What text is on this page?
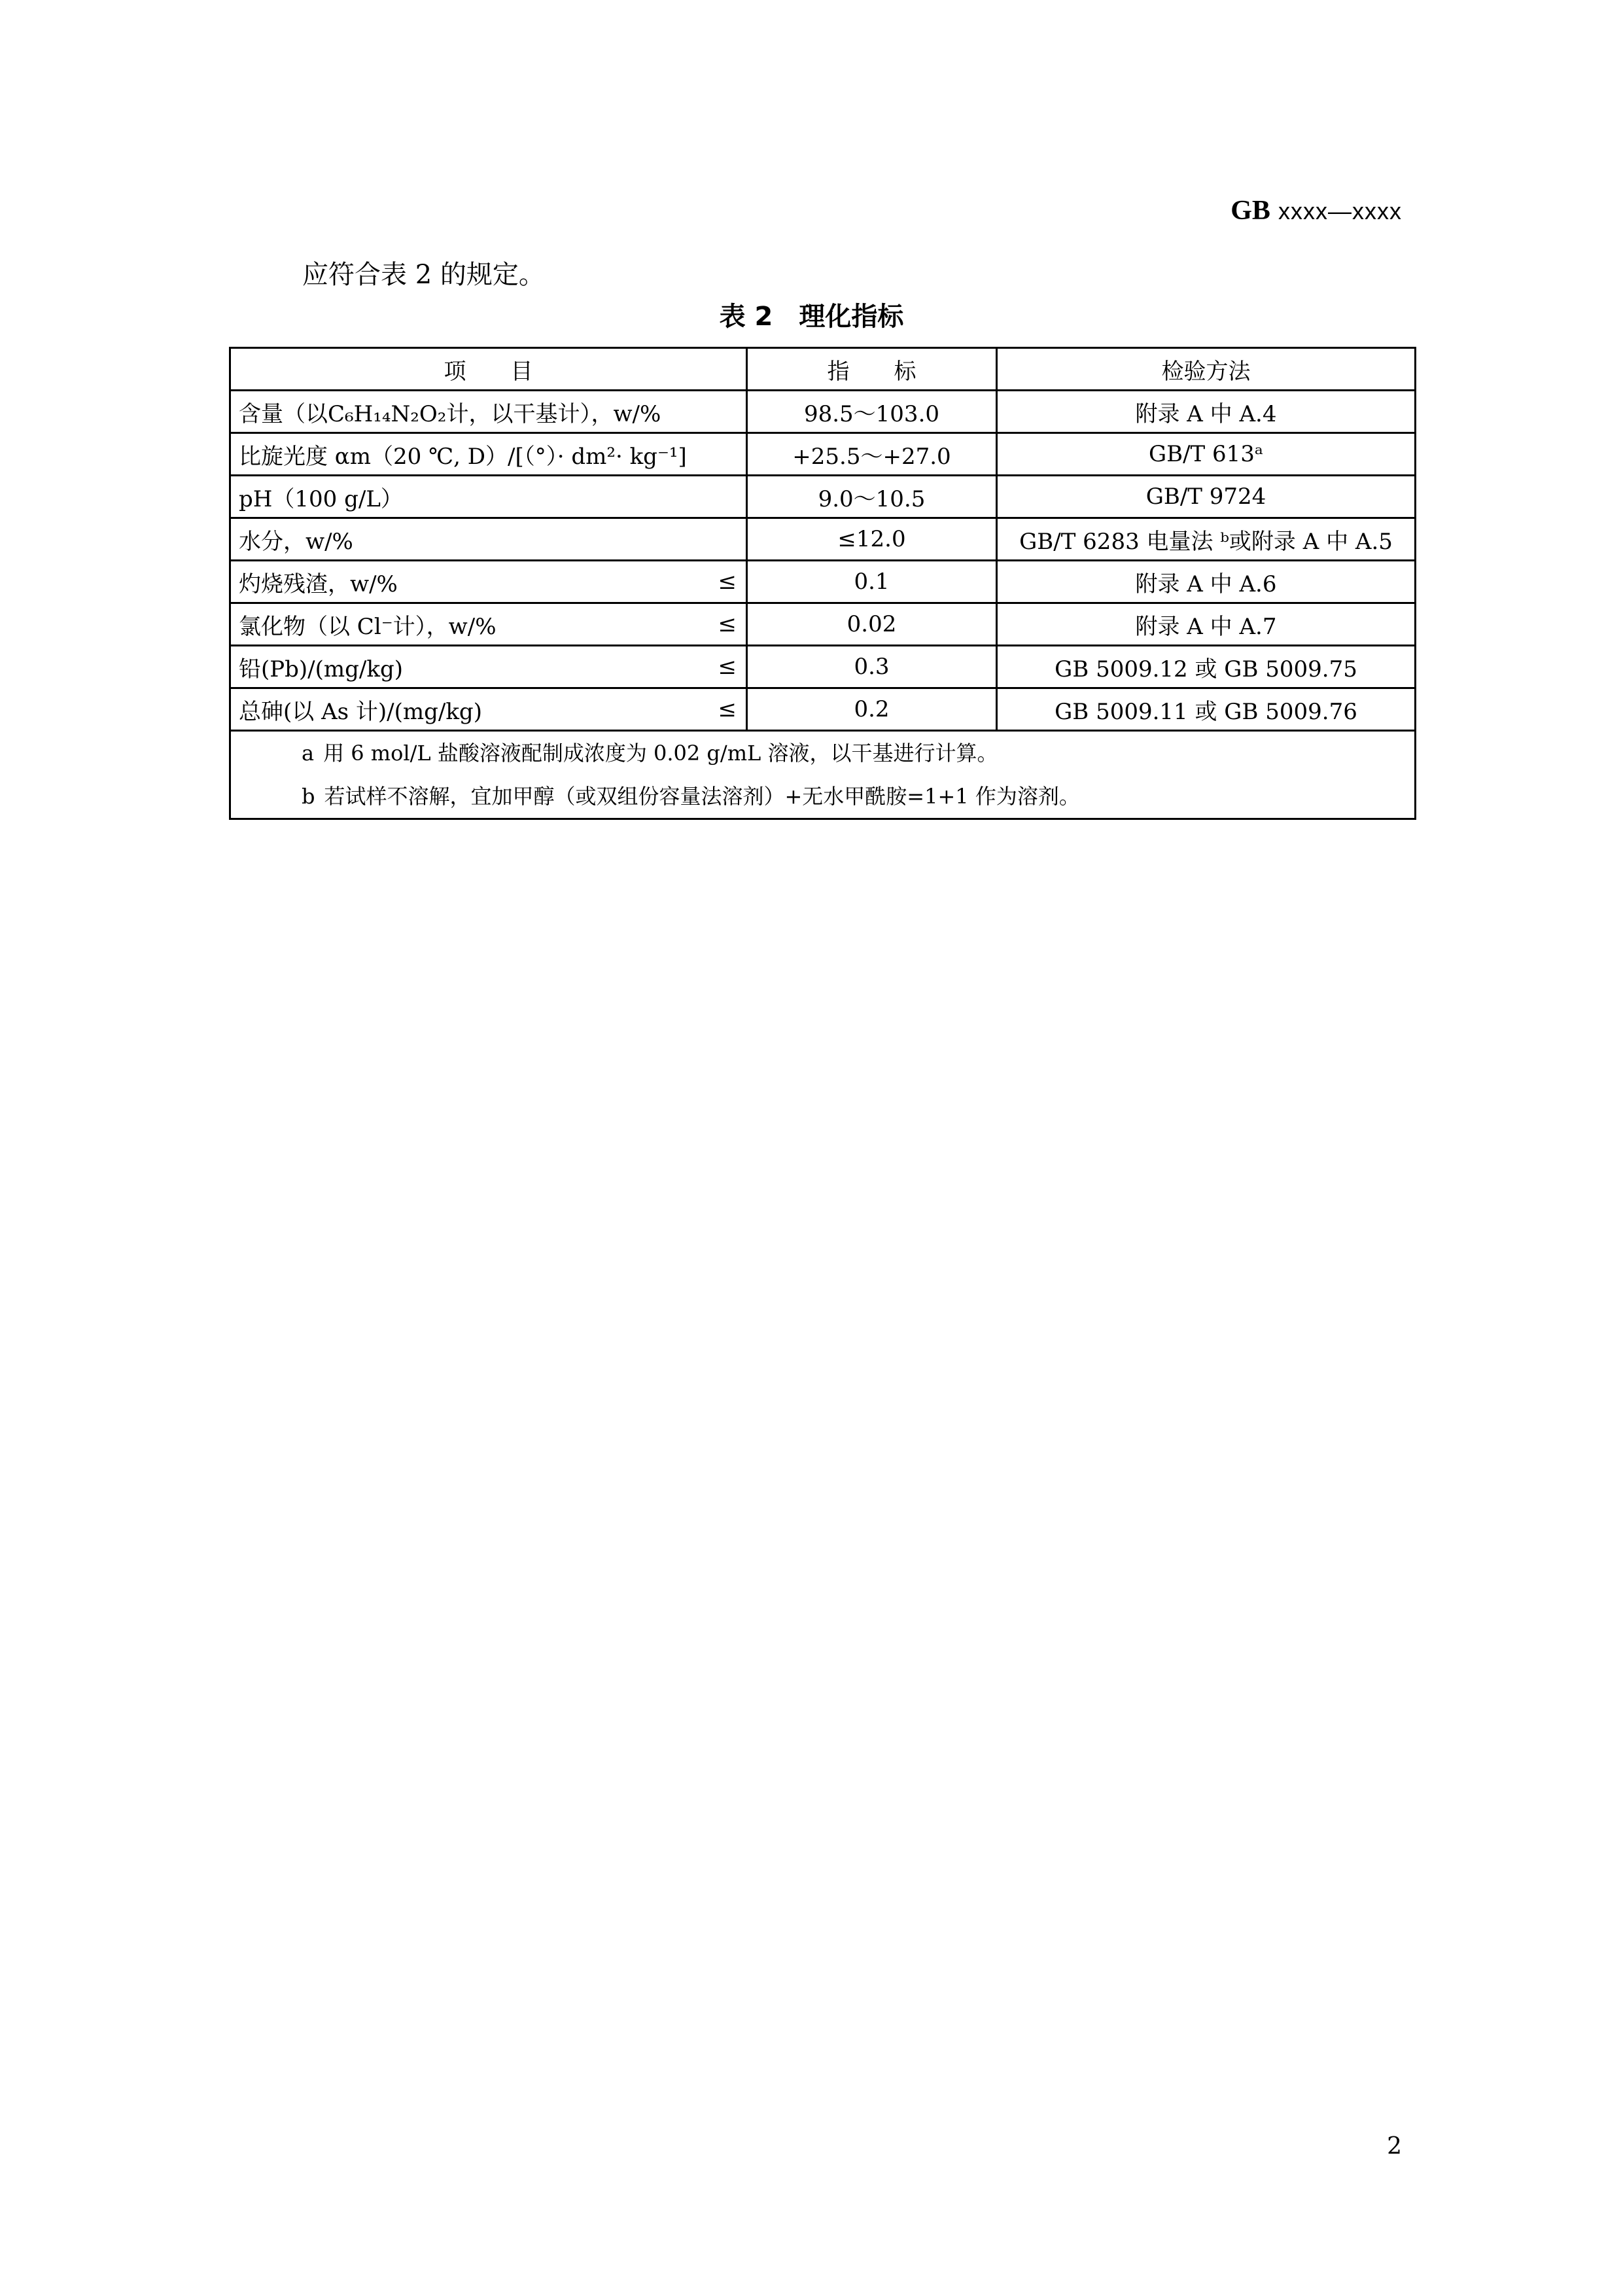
GB xxxx—xxxx
应符合表 2 的规定。
表 2 理化指标
项　　目	指　　标	检验方法
含量（以C₆H₁₄N₂O₂计，以干基计），w/%	98.5～103.0	附录 A 中 A.4
比旋光度 αm（20 ℃, D）/[（°）· dm²· kg⁻¹]	+25.5～+27.0	GB/T 613ᵃ
pH（100 g/L）	9.0～10.5	GB/T 9724
水分，w/%	≤12.0	GB/T 6283 电量法 ᵇ或附录 A 中 A.5
灼烧残渣，w/% ≤	0.1	附录 A 中 A.6
氯化物（以 Cl⁻计），w/% ≤	0.02	附录 A 中 A.7
铅(Pb)/(mg/kg) ≤	0.3	GB 5009.12 或 GB 5009.75
总砷(以 As 计)/(mg/kg) ≤	0.2	GB 5009.11 或 GB 5009.76

a 用 6 mol/L 盐酸溶液配制成浓度为 0.02 g/mL 溶液，以干基进行计算。
b 若试样不溶解，宜加甲醇（或双组份容量法溶剂）+无水甲酰胺=1+1 作为溶剂。		
2
